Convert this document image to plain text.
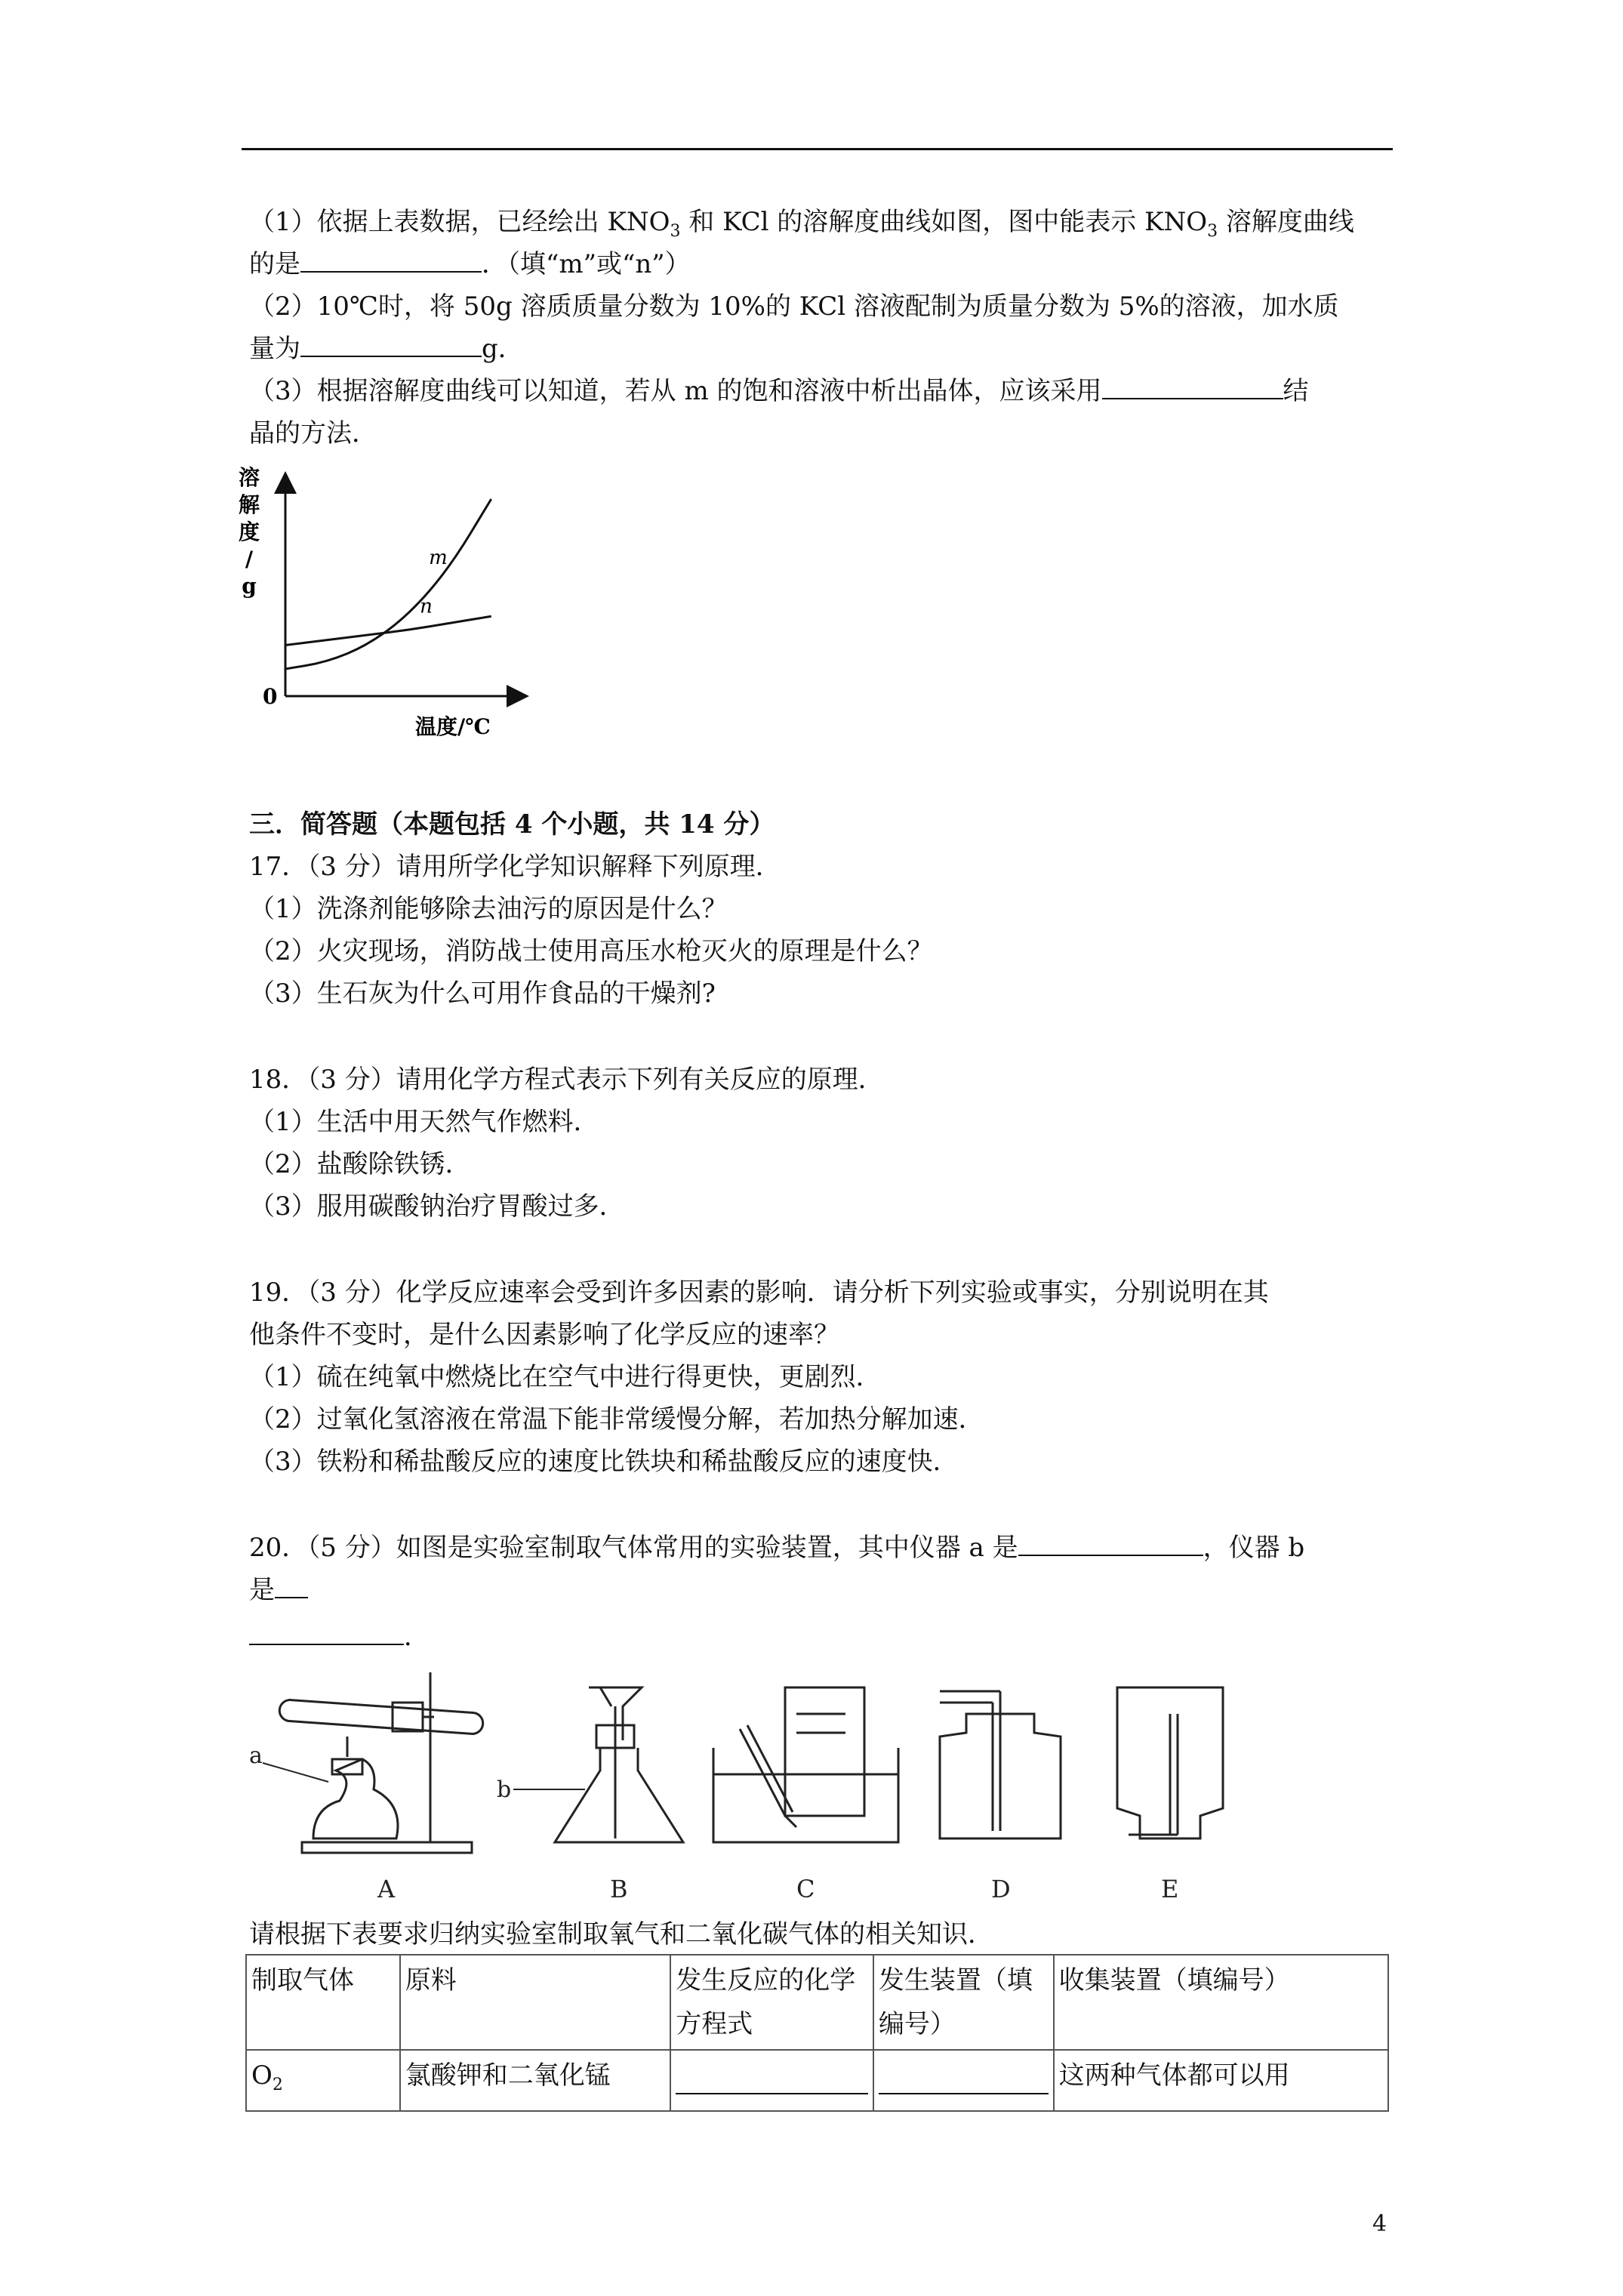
（1）依据上表数据，已经绘出 $KNO_3$ 和 KCl 的溶解度曲线如图，图中能表示 $KNO_3$ 溶解度曲线
的是	．（填“m”或“n”）
（2）10℃时，将 50g 溶质质量分数为 10%的 KCl 溶液配制为质量分数为 5%的溶液，加水质
量为	g．
（3）根据溶解度曲线可以知道，若从 m 的饱和溶液中析出晶体，应该采用	结
晶的方法．
溶
解
度
/
g
温度/℃
0
m
n
三．简答题（本题包括 4 个小题，共 14 分）
17．（3 分）请用所学化学知识解释下列原理．
（1）洗涤剂能够除去油污的原因是什么？
（2）火灾现场，消防战士使用高压水枪灭火的原理是什么？
（3）生石灰为什么可用作食品的干燥剂?
18．（3 分）请用化学方程式表示下列有关反应的原理．
（1）生活中用天然气作燃料．
（2）盐酸除铁锈．
（3）服用碳酸钠治疗胃酸过多．
19．（3 分）化学反应速率会受到许多因素的影响．请分析下列实验或事实，分别说明在其
他条件不变时，是什么因素影响了化学反应的速率？
（1）硫在纯氧中燃烧比在空气中进行得更快，更剧烈．
（2）过氧化氢溶液在常温下能非常缓慢分解，若加热分解加速．
（3）铁粉和稀盐酸反应的速度比铁块和稀盐酸反应的速度快．
20．（5 分）如图是实验室制取气体常用的实验装置，其中仪器 a 是	，仪器 b
是
．
a
b
A	B	C	D	E
请根据下表要求归纳实验室制取氧气和二氧化碳气体的相关知识．
制取气体	原料	发生反应的化学方程式	发生装置（填编号）	收集装置（填编号）
$O_2$	氯酸钾和二氧化锰			这两种气体都可以用
4
